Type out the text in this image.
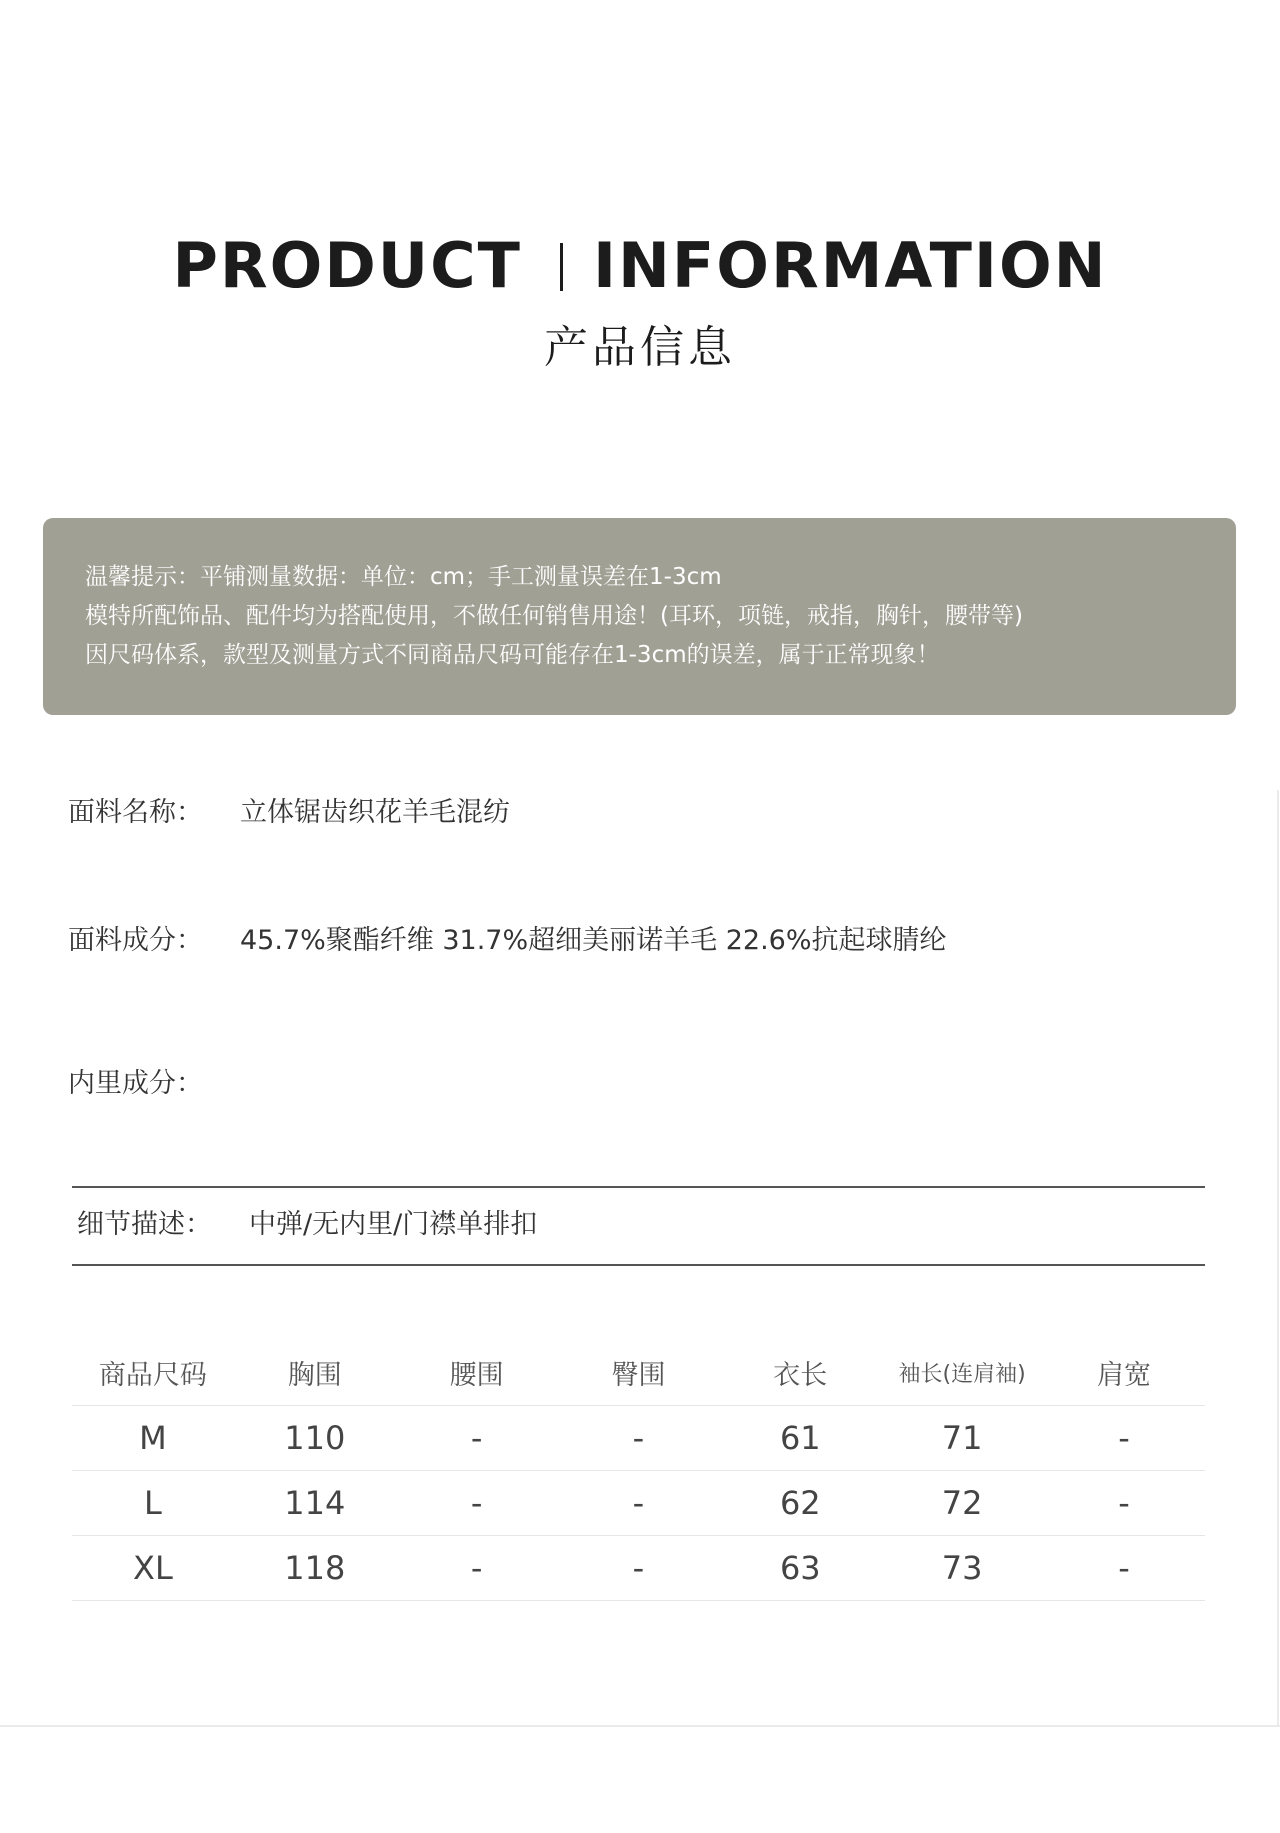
PRODUCT INFORMATION
产品信息

温馨提示：平铺测量数据：单位：cm；手工测量误差在1-3cm

模特所配饰品、配件均为搭配使用，不做任何销售用途！(耳环，项链，戒指，胸针，腰带等)

因尺码体系，款型及测量方式不同商品尺码可能存在1-3cm的误差，属于正常现象！

面料名称： 立体锯齿织花羊毛混纺
面料成分： 45.7%聚酯纤维 31.7%超细美丽诺羊毛 22.6%抗起球腈纶
内里成分：
细节描述： 中弹/无内里/门襟单排扣
商品尺码	胸围	腰围	臀围	衣长	袖长(连肩袖)	肩宽
M	110	-	-	61	71	-
L	114	-	-	62	72	-
XL	118	-	-	63	73	-
